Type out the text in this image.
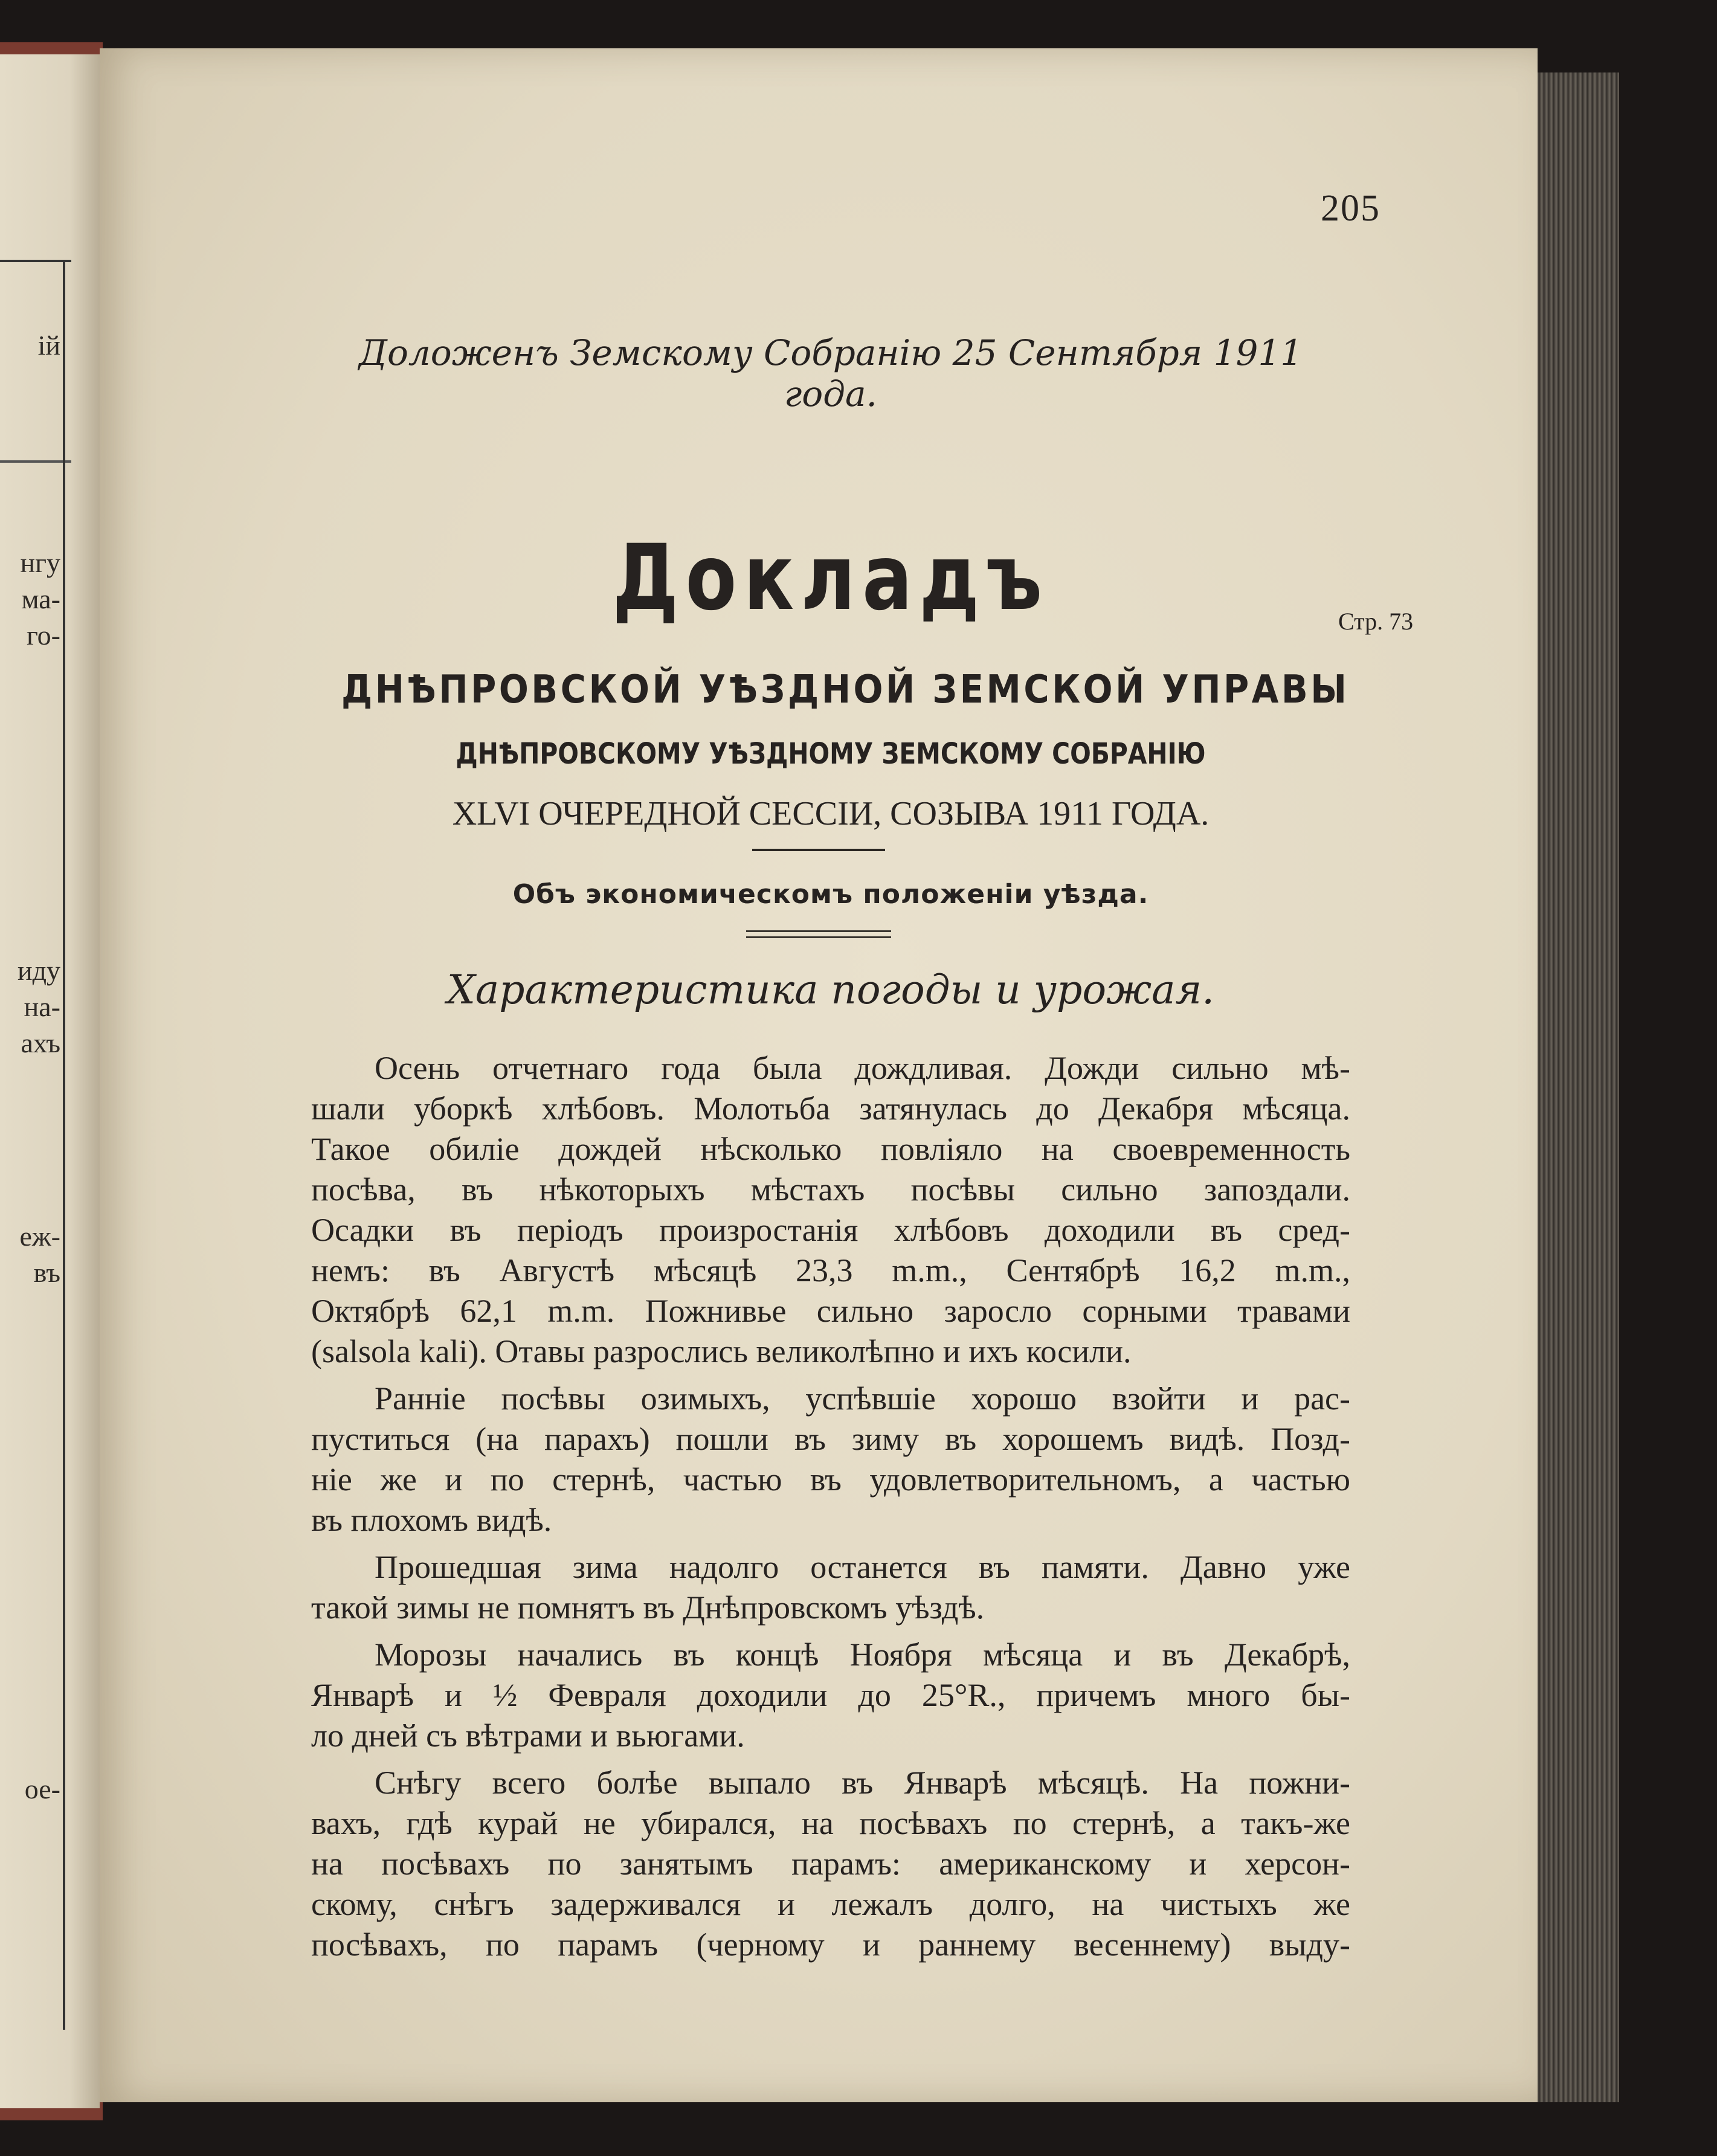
ій
нгу
ма-
го-
иду
на-
ахъ
еж-
въ
ое-
205
Доложенъ Земскому Собранію 25 Сентября 1911 года.
Докладъ	Стр. 73
ДНѢПРОВСКОЙ УѢЗДНОЙ ЗЕМСКОЙ УПРАВЫ
ДНѢПРОВСКОМУ УѢЗДНОМУ ЗЕМСКОМУ СОБРАНІЮ
XLVI ОЧЕРЕДНОЙ СЕССІИ, СОЗЫВА 1911 ГОДА.
Объ экономическомъ положеніи уѣзда.
Характеристика погоды и урожая.
Осень отчетнаго года была дождливая. Дожди сильно мѣ-
шали уборкѣ хлѣбовъ. Молотьба затянулась до Декабря мѣсяца.
Такое обиліе дождей нѣсколько повліяло на своевременность
посѣва, въ нѣкоторыхъ мѣстахъ посѣвы сильно запоздали.
Осадки въ періодъ произростанія хлѣбовъ доходили въ сред-
немъ: въ Августѣ мѣсяцѣ 23,3 m.m., Сентябрѣ 16,2 m.m.,
Октябрѣ 62,1 m.m. Пожнивье сильно заросло сорными травами
(salsola kali). Отавы разрослись великолѣпно и ихъ косили.
Ранніе посѣвы озимыхъ, успѣвшіе хорошо взойти и рас-
пуститься (на парахъ) пошли въ зиму въ хорошемъ видѣ. Позд-
ніе же и по стернѣ, частью въ удовлетворительномъ, а частью
въ плохомъ видѣ.
Прошедшая зима надолго останется въ памяти. Давно уже
такой зимы не помнятъ въ Днѣпровскомъ уѣздѣ.
Морозы начались въ концѣ Ноября мѣсяца и въ Декабрѣ,
Январѣ и ½ Февраля доходили до 25°R., причемъ много бы-
ло дней съ вѣтрами и вьюгами.
Снѣгу всего болѣе выпало въ Январѣ мѣсяцѣ. На пожни-
вахъ, гдѣ курай не убирался, на посѣвахъ по стернѣ, а такъ-же
на посѣвахъ по занятымъ парамъ: американскому и херсон-
скому, снѣгъ задерживался и лежалъ долго, на чистыхъ же
посѣвахъ, по парамъ (черному и раннему весеннему) выду-
